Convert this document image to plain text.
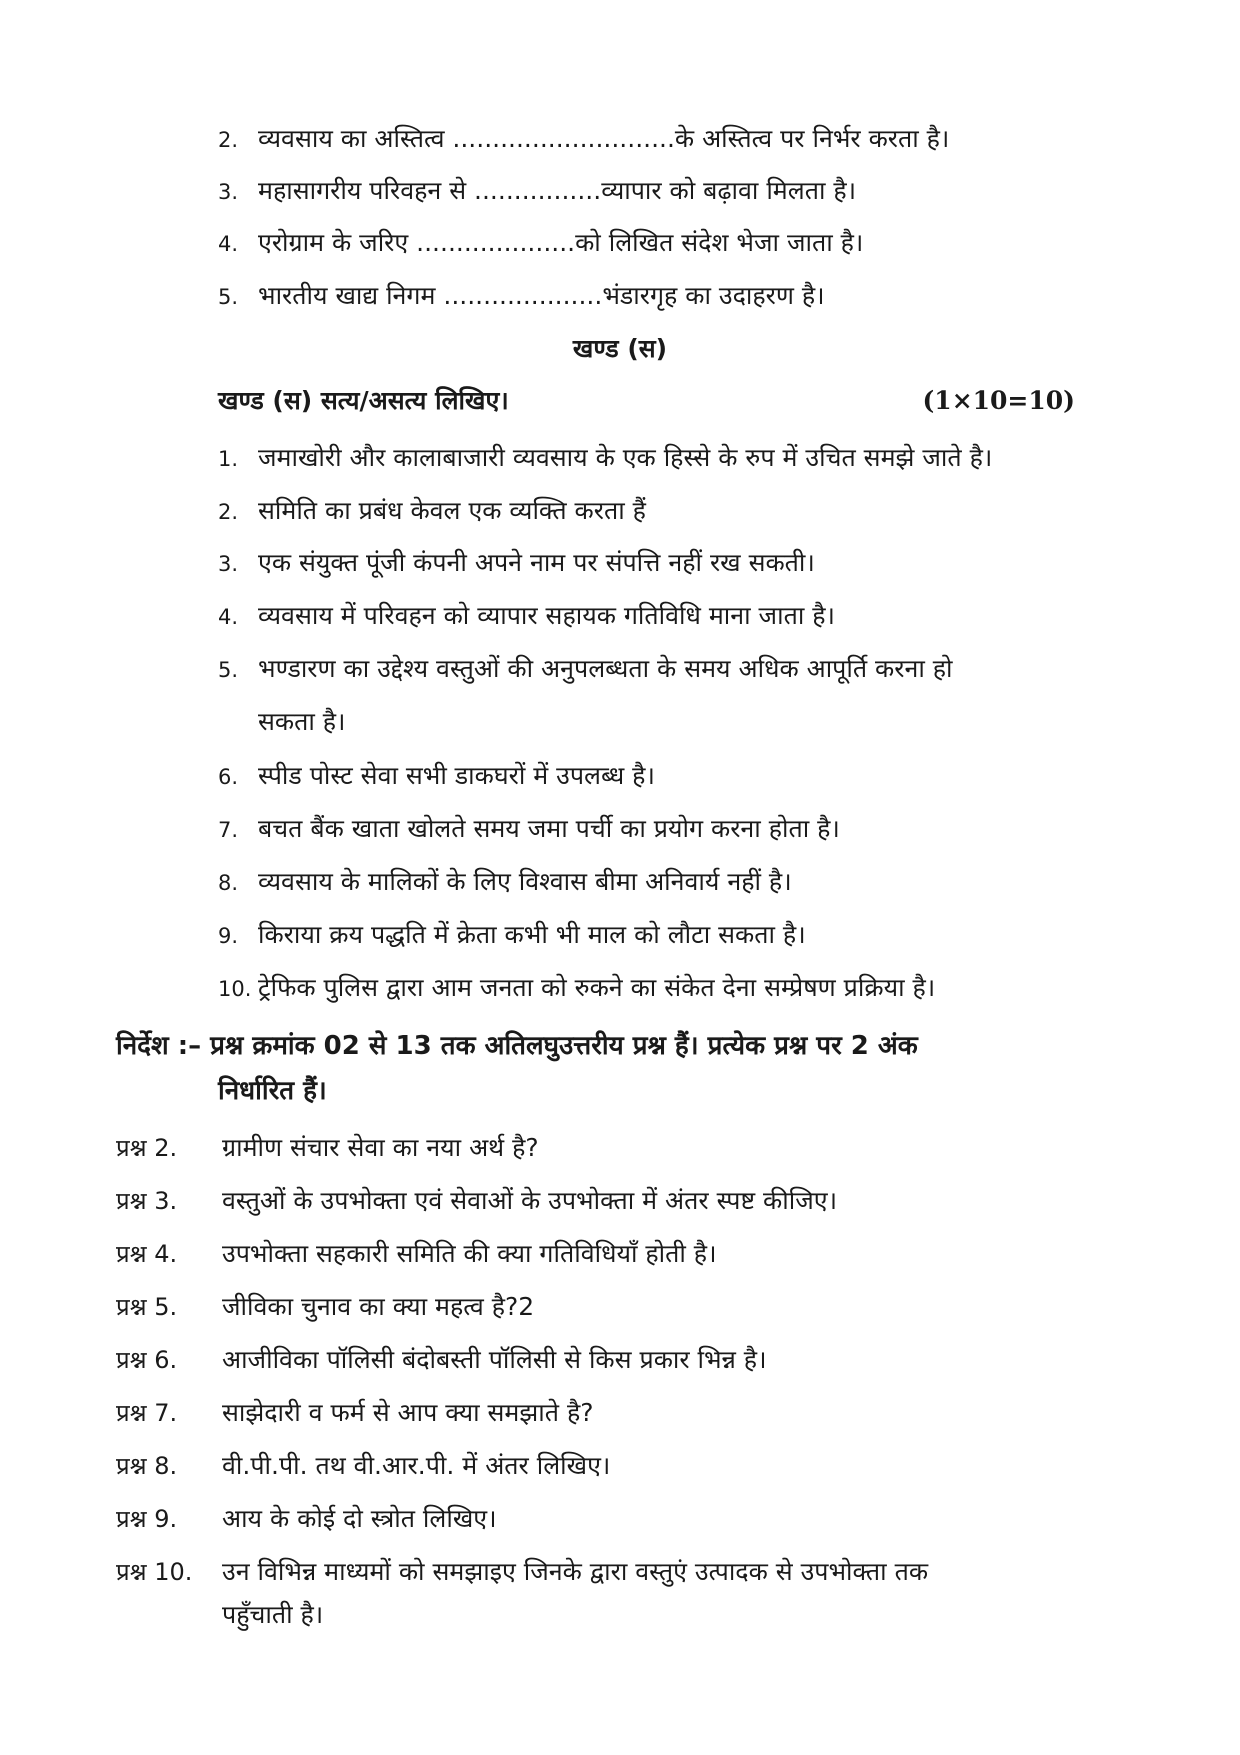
2. व्यवसाय का अस्तित्व ............................के अस्तित्व पर निर्भर करता है।
3. महासागरीय परिवहन से ................व्यापार को बढ़ावा मिलता है।
4. एरोग्राम के जरिए ....................को लिखित संदेश भेजा जाता है।
5. भारतीय खाद्य निगम ....................भंडारगृह का उदाहरण है।
खण्ड (स)
खण्ड (स) सत्य/असत्य लिखिए।	(1×10=10)
1. जमाखोरी और कालाबाजारी व्यवसाय के एक हिस्से के रुप में उचित समझे जाते है।
2. समिति का प्रबंध केवल एक व्यक्ति करता हैं
3. एक संयुक्त पूंजी कंपनी अपने नाम पर संपत्ति नहीं रख सकती।
4. व्यवसाय में परिवहन को व्यापार सहायक गतिविधि माना जाता है।
5. भण्डारण का उद्देश्य वस्तुओं की अनुपलब्धता के समय अधिक आपूर्ति करना हो
सकता है।
6. स्पीड पोस्ट सेवा सभी डाकघरों में उपलब्ध है।
7. बचत बैंक खाता खोलते समय जमा पर्ची का प्रयोग करना होता है।
8. व्यवसाय के मालिकों के लिए विश्वास बीमा अनिवार्य नहीं है।
9. किराया क्रय पद्धति में क्रेता कभी भी माल को लौटा सकता है।
10. ट्रेफिक पुलिस द्वारा आम जनता को रुकने का संकेत देना सम्प्रेषण प्रक्रिया है।
निर्देश :– प्रश्न क्रमांक 02 से 13 तक अतिलघुउत्तरीय प्रश्न हैं। प्रत्येक प्रश्न पर 2 अंक
निर्धारित हैं।
प्रश्न 2. ग्रामीण संचार सेवा का नया अर्थ है?
प्रश्न 3. वस्तुओं के उपभोक्ता एवं सेवाओं के उपभोक्ता में अंतर स्पष्ट कीजिए।
प्रश्न 4. उपभोक्ता सहकारी समिति की क्या गतिविधियाँ होती है।
प्रश्न 5. जीविका चुनाव का क्या महत्व है?2
प्रश्न 6. आजीविका पॉलिसी बंदोबस्ती पॉलिसी से किस प्रकार भिन्न है।
प्रश्न 7. साझेदारी व फर्म से आप क्या समझाते है?
प्रश्न 8. वी.पी.पी. तथ वी.आर.पी. में अंतर लिखिए।
प्रश्न 9. आय के कोई दो स्त्रोत लिखिए।
प्रश्न 10. उन विभिन्न माध्यमों को समझाइए जिनके द्वारा वस्तुएं उत्पादक से उपभोक्ता तक
पहुँचाती है।
